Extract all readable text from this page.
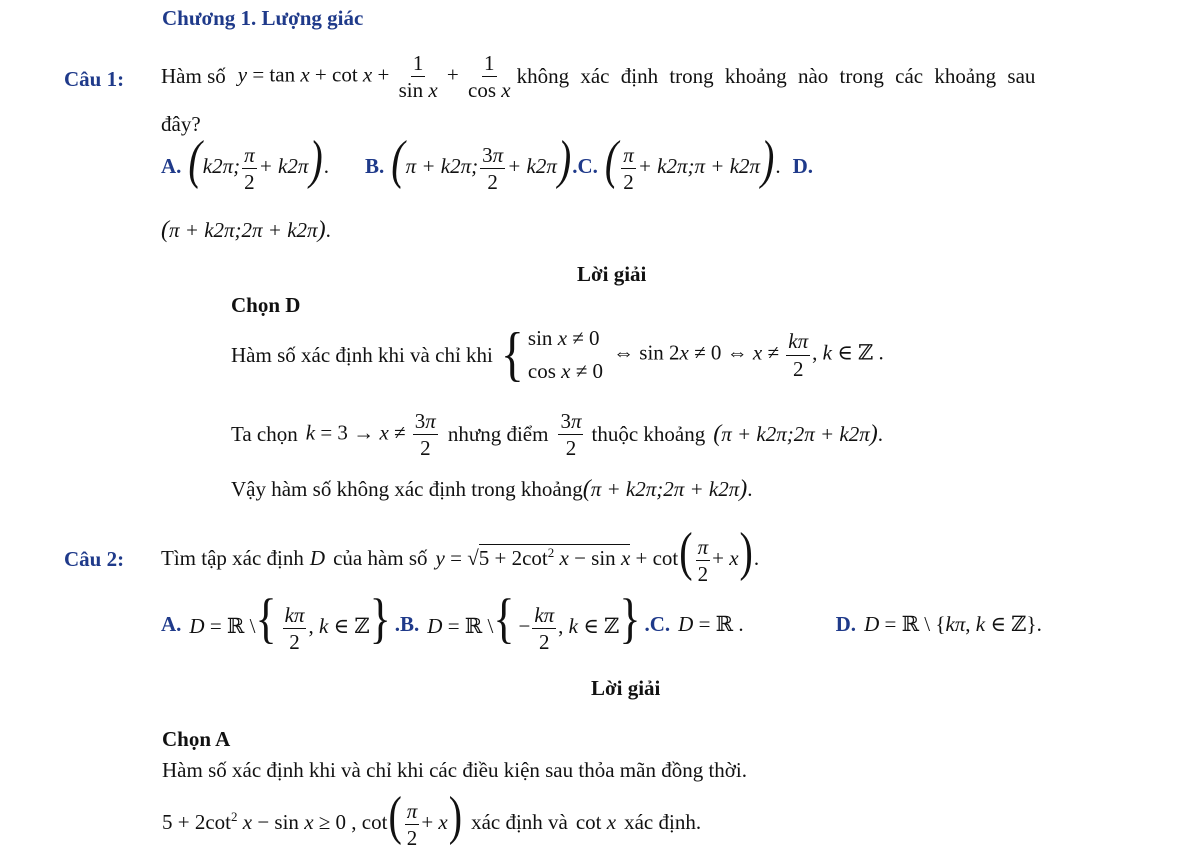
Chương 1. Lượng giác
Câu 1: Hàm số $y = \tan x + \cot x + \frac{1}{\text{sin x}} + \frac{1}{\text{cos x}}$ không xác định trong khoảng nào trong các khoảng sau
đây?
A. (k2π; $\frac{\pi}{2} + k2\pi$). B. (π + k2π; $\frac{3\pi}{2} + k2\pi$) .C. ( $\frac{\pi}{2}$ + k2π;π + k2π). D.
( π + k2π;2π + k2π ) .
Lời giải
Chọn D
Hàm số xác định khi và chỉ khi { sin x ≠ 0
cos x ≠ 0
⇔ sin 2x ≠ 0 ⇔ $x \ne \frac{k\pi}{2}$ , k ∈ ℤ .
Ta chọn $k = 3 \to x \ne \frac{3\pi}{2}$ nhưng điểm $\frac{3\pi}{2}$ thuộc khoảng (π + k2π;2π + k2π).
Vậy hàm số không xác định trong khoảng (π + k2π;2π + k2π).
Câu 2: Tìm tập xác định D của hàm số $y = √5 + 2\cot^2$ $x - \sin x + \cot( \frac{\pi}{2} + x)$.
A. D = ℝ \{ $\frac{k\pi}{2}$ , k ∈ ℤ} .B. D = ℝ \{ − $\frac{k\pi}{2}$ , k ∈ ℤ} .C. D = ℝ .	D. D = ℝ \ {kπ, k ∈ ℤ}.
Lời giải
Chọn A
Hàm số xác định khi và chỉ khi các điều kiện sau thỏa mãn đồng thời.
$5 + 2\cot^2$ x − sin x ≥ 0 , $\cot( \frac{\pi}{2} + x)$ xác định và cot x xác định.
